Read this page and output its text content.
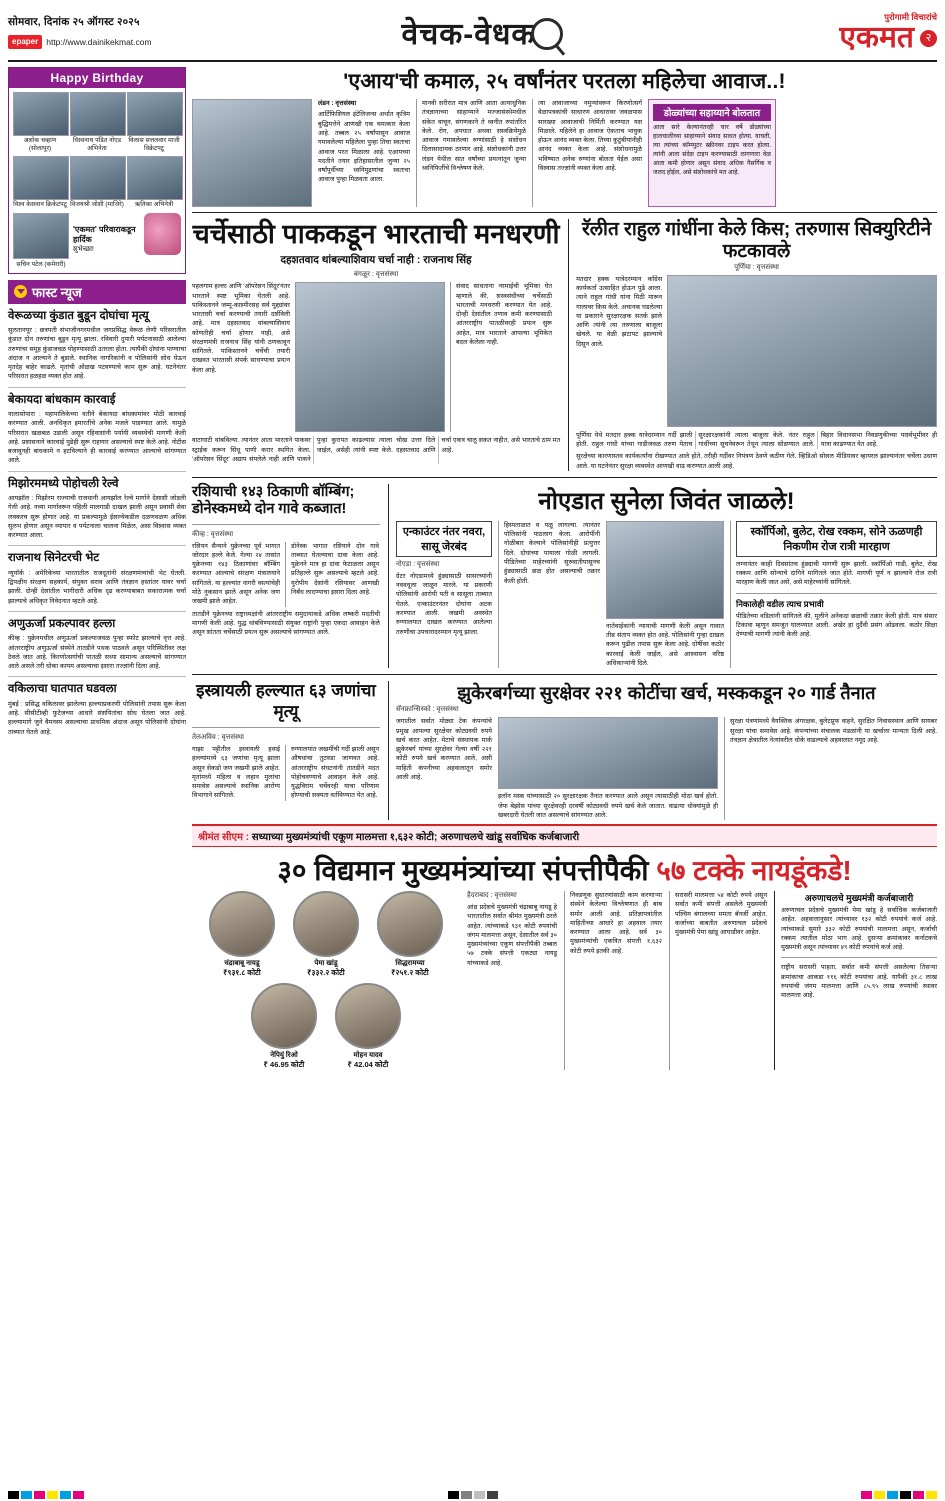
सोमवार, दिनांक २५ ऑगस्ट २०२५
epaper http://www.dainikekmat.com	वेचक-वेधक
पुरोगामी विचारांचे
एकमत २
Happy Birthday
अशोक चव्हाण (सोलापूर)
विश्वनाथ पंडित नोएड अभिनेता
विलास सत्तलवार माजी विक्रेटपटू
विश्व केशवान क्रिकेटपटू विजयश्री जोशी (माजिरे)	ऋतिका अभिनेत्री
सचिन पटेल (कमेरारी)
'एकमत' परिवाराकडून हार्दिक
शुभेच्छा!
फास्ट न्यूज
वेरूळच्या कुंडात बुडून दोघांचा मृत्यू

सुलतानपूर : छत्रपती संभाजीनगरमधील जगप्रसिद्ध वेरूळ लेणी परिसरातील कुंडात दोन तरुणांचा बुडून मृत्यू झाला. रविवारी दुपारी पर्यटनासाठी आलेल्या तरुणांचा समूह कुंडाजवळ पोहण्यासाठी उतरला होता. त्यापैकी दोघांना पाण्याचा अंदाज न आल्याने ते बुडाले. स्थानिक नागरिकांनी व पोलिसांनी शोध घेऊन मृतदेह बाहेर काढले. मृतांची ओळख पटवण्याचे काम सुरू आहे. घटनेनंतर परिसरात हळहळ व्यक्त होत आहे.

बेकायदा बांधकाम कारवाई

नालासोपारा : महापालिकेच्या वतीने बेकायदा बांधकामांवर मोठी कारवाई करण्यात आली. अनधिकृत इमारतींचे अनेक मजले पाडण्यात आले. यामुळे परिसरात खळबळ उडाली असून रहिवाशांनी पर्यायी व्यवस्थेची मागणी केली आहे. प्रशासनाने कारवाई पुढेही सुरू राहणार असल्याचे स्पष्ट केले आहे. नोटीस बजावूनही बांधकामे न हटविल्याने ही कारवाई करण्यात आल्याचे सांगण्यात आले.

मिझोरममध्ये पोहोचली रेल्वे

आयझॉल : मिझोरम राज्याची राजधानी आयझॉल रेल्वे मार्गाने देशाशी जोडली गेली आहे. नव्या मार्गावरून पहिली मालगाडी दाखल झाली असून प्रवासी सेवा लवकरच सुरू होणार आहे. या प्रकल्पामुळे ईशान्येकडील दळणवळण अधिक सुलभ होणार असून व्यापार व पर्यटनाला चालना मिळेल, असा विश्वास व्यक्त करण्यात आला.

राजनाथ सिनेटरची भेट

न्यूयॉर्क : अमेरिकेच्या भारतातील राजदूतांनी संरक्षणमंत्र्यांची भेट घेतली. द्विपक्षीय संरक्षण सहकार्य, संयुक्त सराव आणि तंत्रज्ञान हस्तांतर यावर चर्चा झाली. दोन्ही देशांतील भागीदारी अधिक दृढ करण्याबाबत सकारात्मक चर्चा झाल्याचे अधिकृत निवेदनात म्हटले आहे.

अणुऊर्जा प्रकल्पावर हल्ला

कीव्ह : युक्रेनमधील अणुऊर्जा प्रकल्पाजवळ पुन्हा स्फोट झाल्याचे वृत्त आहे. आंतरराष्ट्रीय अणुऊर्जा संस्थेने तातडीने पथक पाठवले असून परिस्थितीवर लक्ष ठेवले जात आहे. किरणोत्सर्गाची पातळी सध्या सामान्य असल्याचे सांगण्यात आले असले तरी धोका कायम असल्याचा इशारा तज्ज्ञांनी दिला आहे.

वकिलाचा घातपात घडवला

मुंबई : प्रसिद्ध वकिलावर झालेल्या हल्ल्याप्रकरणी पोलिसांनी तपास सुरू केला आहे. सीसीटीव्ही फुटेजच्या आधारे संशयितांचा शोध घेतला जात आहे. हल्ल्यामागे जुने वैमनस्य असल्याचा प्राथमिक अंदाज असून पोलिसांनी दोघांना ताब्यात घेतले आहे.

'एआय'ची कमाल, २५ वर्षांनंतर परतला महिलेचा आवाज..!
लंडन : वृत्तसंस्था
आर्टिफिशियल इंटेलिजन्स अर्थात कृत्रिम बुद्धिमत्तेने आणखी एक चमत्कार केला आहे. तब्बल २५ वर्षांपासून आवाज गमावलेल्या महिलेला पुन्हा तिचा स्वतःचा आवाज परत मिळाला आहे. एआयच्या मदतीने तयार इतिहासातील जुन्या २५ वर्षांपूर्वीच्या ध्वनिमुद्रणांचा स्वतःचा आवाज पुन्हा मिळवता आला.
मानवी शरीरात मात्र आणि आता अत्याधुनिक तंत्रज्ञानाच्या साहाय्याने मज्जासंस्थेमधील संकेत वाचून, संगणकाने ते ध्वनीत रुपांतरित केले. रोग, अपघात अथवा शस्त्रक्रियेमुळे आवाज गमावलेल्या रुग्णांसाठी हे संशोधन दिलासादायक ठरणार आहे. संशोधकांनी उत्तर लंडन येथील सात वर्षांच्या प्रयत्नांतून जुन्या ध्वनिफितींचे विश्लेषण केले.
त्या आवाजाच्या नमुन्यांवरून किरणोत्सर्ग वेळापत्रकांची साधारण आधारावर जवळपास सारख्या आवाजाची निर्मिती करण्यात यश मिळाले. महिलेने हा आवाज ऐकताच भावुक होऊन आनंद व्यक्त केला. तिच्या कुटुंबीयांनीही आनंद व्यक्त केला आहे. संशोधनामुळे भविष्यात अनेक रुग्णांना बोलता येईल असा विश्वास तज्ज्ञांनी व्यक्त केला आहे.
डोळ्यांच्या सहाय्याने बोलतात

आता सारे केल्यानंतरही चार वर्षे डोळ्यांच्या हालचालीच्या साहाय्याने संवाद साधत होत्या. वाचती, त्या त्यांच्या कॉम्प्युटर स्क्रीनवर टाइप करत होत्या. त्यांनी आता संदेश टाइप करण्यासाठी लागणारा वेळ आता कमी होणार असून संवाद अधिक नैसर्गिक व जलद होईल, असे संशोधकांचे मत आहे.

चर्चेसाठी पाककडून भारताची मनधरणी
दहशतवाद थांबल्याशिवाय चर्चा नाही : राजनाथ सिंह
बंगळूर : वृत्तसंस्था
पहलगाम हल्ला आणि 'ऑपरेशन सिंदूर'नंतर भारताने स्पष्ट भूमिका घेतली आहे. पाकिस्तानने जम्मू-काश्मीरसह सर्व मुद्द्यांवर भारताशी चर्चा करण्याची तयारी दर्शविली आहे. मात्र दहशतवाद थांबल्याशिवाय कोणतीही चर्चा होणार नाही, असे संरक्षणमंत्री राजनाथ सिंह यांनी ठणकावून सांगितले. पाकिस्तानने चर्चेची तयारी दाखवत भारताशी संपर्क साधण्याचा प्रयत्न केला आहे.
संवाद साधताना नरमाईची भूमिका घेत म्हणाले की, शस्त्रसंधीच्या चर्चेसाठी भारताची मनधरणी करण्यात येत आहे. दोन्ही देशांतील तणाव कमी करण्यासाठी आंतरराष्ट्रीय पातळीवरही प्रयत्न सुरू आहेत, मात्र भारताने आपल्या भूमिकेत बदल केलेला नाही.
वाटाघाटी थांबविल्या. त्यानंतर आता भारताने पाकवर स्ट्राईक करून सिंधू पाणी करार स्थगित केला. 'ऑपरेशन सिंदूर' अद्याप संपलेले नाही आणि पाकने पुन्हा कुरापत काढल्यास त्याला चोख उत्तर दिले जाईल, असेही त्यांनी स्पष्ट केले. दहशतवाद आणि चर्चा एकत्र चालू शकत नाहीत, असे भारताचे ठाम मत आहे.
रॅलीत राहुल गांधींना केले किस; तरुणास सिक्युरिटीने फटकावले
पूर्णिया : वृत्तसंस्था
मतदार हक्क यात्रेदरम्यान काँग्रेस कार्यकर्ता उत्साहित होऊन पुढे आला. त्याने राहुल गांधी यांना मिठी मारून गालावर किस केले. अचानक घडलेल्या या प्रकाराने सुरक्षारक्षक सतर्क झाले आणि त्यांनी त्या तरुणाला बाजूला खेचले. या वेळी झटापट झाल्याचे दिसून आले.
पूर्णिया येथे मतदार हक्क यात्रेदरम्यान गर्दी झाली होती. राहुल गांधी यांच्या गाडीजवळ तरुण येताच सुरक्षारक्षकांनी त्याला बाजूला केले. नंतर राहुल गांधींच्या सूचनेवरून तेथून त्याला सोडण्यात आले. बिहार विधानसभा निवडणुकीच्या पार्श्वभूमीवर ही यात्रा काढण्यात येत आहे.
सुरक्षेच्या कारणास्तव कार्यकर्त्यांना रोखण्यात आले होते, तरीही गर्दीवर नियंत्रण ठेवणे कठीण गेले. व्हिडिओ सोशल मीडियावर व्हायरल झाल्यानंतर चर्चेला उधाण आले. या घटनेनंतर सुरक्षा व्यवस्थेत आणखी वाढ करण्यात आली आहे.
रशियाची १४३ ठिकाणी बॉम्बिंग; डोनेस्कमध्ये दोन गावे कब्जात!
कीव्ह : वृत्तसंस्था
रशियन सैन्याने युक्रेनच्या पूर्व भागात जोरदार हल्ले केले. गेल्या २४ तासांत युक्रेनच्या १४३ ठिकाणांवर बॉम्बिंग करण्यात आल्याचे संरक्षण मंत्रालयाने सांगितले. या हल्ल्यांत नागरी वस्त्यांचेही मोठे नुकसान झाले असून अनेक जण जखमी झाले आहेत.
डोनेस्क भागात रशियाने दोन गावे ताब्यात घेतल्याचा दावा केला आहे. युक्रेनने मात्र हा दावा फेटाळला असून प्रतिहल्ले सुरू असल्याचे म्हटले आहे. युरोपीय देशांनी रशियावर आणखी निर्बंध लादण्याचा इशारा दिला आहे.
तातडीने युक्रेनच्या राष्ट्राध्यक्षांनी आंतरराष्ट्रीय समुदायाकडे अधिक लष्करी मदतीची मागणी केली आहे. युद्ध थांबविण्यासाठी संयुक्त राष्ट्रांनी पुन्हा एकदा आवाहन केले असून शांतता चर्चेसाठी प्रयत्न सुरू असल्याचे सांगण्यात आले.
नोएडात सुनेला जिवंत जाळले!
एन्काउंटर नंतर नवरा, सासू जेरबंद
नोएडा : वृत्तसंस्था
ग्रेटर नोएडामध्ये हुंड्यासाठी सासरच्यांनी नववधूला जाळून मारले. या प्रकरणी पोलिसांनी आरोपी पती व सासूला ताब्यात घेतले. एन्काउंटरनंतर दोघांना अटक करण्यात आली. जखमी अवस्थेत रुग्णालयात दाखल करण्यात आलेल्या तरुणीचा उपचारादरम्यान मृत्यू झाला.
हिस्पताळात व पळू लागल्या. त्यानंतर पोलिसांनी पाठलाग केला. आरोपींनी गोळीबार केल्याने पोलिसांनीही प्रत्युत्तर दिले. दोघांच्या पायाला गोळी लागली. पीडितेच्या माहेरच्यांनी सुरुवातीपासूनच हुंड्यासाठी छळ होत असल्याची तक्रार केली होती.
नातेवाईकांनी न्यायाची मागणी केली असून गावात तीव्र संताप व्यक्त होत आहे. पोलिसांनी गुन्हा दाखल करून पुढील तपास सुरू केला आहे. दोषींवर कठोर कारवाई केली जाईल, असे आश्वासन वरिष्ठ अधिकाऱ्यांनी दिले.
स्कॉर्पिओ, बुलेट, रोख रक्कम, सोने ऊळणही निकणीम रोज रात्री मारहाण
लग्नानंतर काही दिवसांतच हुंड्याची मागणी सुरू झाली. स्कॉर्पिओ गाडी, बुलेट, रोख रक्कम आणि सोन्याचे दागिने मागितले जात होते. मागणी पूर्ण न झाल्याने रोज रात्री मारहाण केली जात असे, असे माहेरच्यांनी सांगितले.
निकालेही वडील त्याच प्रभावी
पीडितेच्या वडिलांनी सांगितले की, मुलीने अनेकदा छळाची तक्रार केली होती. मात्र संसार टिकावा म्हणून समजूत घालण्यात आली. अखेर हा दुर्दैवी प्रसंग ओढवला. कठोर शिक्षा देण्याची मागणी त्यांनी केली आहे.
इस्त्रायली हल्ल्यात ६३ जणांचा मृत्यू
तेलअविव : वृत्तसंस्था
गाझा पट्टीतील इस्त्रायली हवाई हल्ल्यांमध्ये ६३ जणांचा मृत्यू झाला असून शेकडो जण जखमी झाले आहेत. मृतांमध्ये महिला व लहान मुलांचा समावेश असल्याचे स्थानिक आरोग्य विभागाने सांगितले.
रुग्णालयांत जखमींची गर्दी झाली असून औषधांचा तुटवडा जाणवत आहे. आंतरराष्ट्रीय संघटनांनी तातडीने मदत पोहोचवण्याचे आवाहन केले आहे. युद्धविराम चर्चेवरही याचा परिणाम होण्याची शक्यता वर्तविण्यात येत आहे.
झुकेरबर्गच्या सुरक्षेवर २२१ कोटींचा खर्च, मस्ककडून २० गार्ड तैनात
सॅनफ्रान्सिस्को : वृत्तसंस्था
जगातील सर्वात मोठ्या टेक कंपन्यांचे प्रमुख आपल्या सुरक्षेवर कोट्यवधी रुपये खर्च करत आहेत. मेटाचे संस्थापक मार्क झुकेरबर्ग यांच्या सुरक्षेवर गेल्या वर्षी २२१ कोटी रुपये खर्च करण्यात आले, अशी माहिती कंपनीच्या अहवालातून समोर आली आहे.
इलॉन मस्क यांच्यासाठी २० सुरक्षारक्षक तैनात करण्यात आले असून त्यासाठीही मोठा खर्च होतो. जेफ बेझोस यांच्या सुरक्षेवरही दरवर्षी कोट्यवधी रुपये खर्च केले जातात. वाढत्या धोक्यांमुळे ही खबरदारी घेतली जात असल्याचे सांगण्यात आले.
सुरक्षा यंत्रणांमध्ये वैयक्तिक अंगरक्षक, बुलेटप्रूफ वाहने, सुरक्षित निवासस्थान आणि सायबर सुरक्षा यांचा समावेश आहे. कंपन्यांच्या संचालक मंडळांनी या खर्चाला मान्यता दिली आहे. तंत्रज्ञान क्षेत्रातील नेत्यांवरील धोके वाढल्याचे अहवालात नमूद आहे.
श्रीमंत सीएम : सध्याच्या मुख्यमंत्र्यांची एकूण मालमत्ता १,६३२ कोटी; अरुणाचलचे खांडू सर्वाधिक कर्जबाजारी
३० विद्यमान मुख्यमंत्र्यांच्या संपत्तीपैकी ५७ टक्के नायडूंकडे!
चंद्राबाबू नायडू
₹९३१.८ कोटी
पेमा खांडू
₹३३२.२ कोटी
सिद्धरामय्या
₹२५१.२ कोटी
नेपियुं रिओ
₹ 46.95 कोटी
मोहन यादव
₹ 42.04 कोटी
हैदराबाद : वृत्तसंस्था
आंध्र प्रदेशचे मुख्यमंत्री चंद्राबाबू नायडू हे भारतातील सर्वात श्रीमंत मुख्यमंत्री ठरले आहेत. त्यांच्याकडे ९३१ कोटी रुपयांची जंगम मालमत्ता असून, देशातील सर्व ३० मुख्यमंत्र्यांच्या एकूण संपत्तीपैकी तब्बल ५७ टक्के संपत्ती एकट्या नायडू यांच्याकडे आहे.
निवडणूक सुधारणांसाठी काम करणाऱ्या संस्थेने केलेल्या विश्लेषणात ही बाब समोर आली आहे. प्रतिज्ञापत्रांतील माहितीच्या आधारे हा अहवाल तयार करण्यात आला आहे. सर्व ३० मुख्यमंत्र्यांची एकत्रित संपत्ती १,६३२ कोटी रुपये इतकी आहे.
सरासरी मालमत्ता ५४ कोटी रुपये असून सर्वात कमी संपत्ती असलेले मुख्यमंत्री पश्चिम बंगालच्या ममता बॅनर्जी आहेत. कर्जाच्या बाबतीत अरुणाचल प्रदेशचे मुख्यमंत्री पेमा खांडू आघाडीवर आहेत.
अरुणाचलचे मुख्यमंत्री कर्जबाजारी
अरुणाचल प्रदेशचे मुख्यमंत्री पेमा खांडू हे सर्वाधिक कर्जबाजारी आहेत. अहवालानुसार त्यांच्यावर १३२ कोटी रुपयांचे कर्ज आहे. त्यांच्याकडे सुमारे ३३२ कोटी रुपयांची मालमत्ता असून, कर्जाची रक्कम त्यातील मोठा भाग आहे. दुसऱ्या क्रमांकावर कर्नाटकचे मुख्यमंत्री असून त्यांच्यावर ४९ कोटी रुपयांचे कर्ज आहे.
राष्ट्रीय सरासरी पाहता, सर्वात कमी संपत्ती असलेल्या तिसऱ्या क्रमांकाचा आकडा ११६ कोटी रुपयांचा आहे. यापैकी ३१.८ लाख रुपयांची जंगम मालमत्ता आणि ८५.९५ लाख रुपयांची स्थावर मालमत्ता आहे.
